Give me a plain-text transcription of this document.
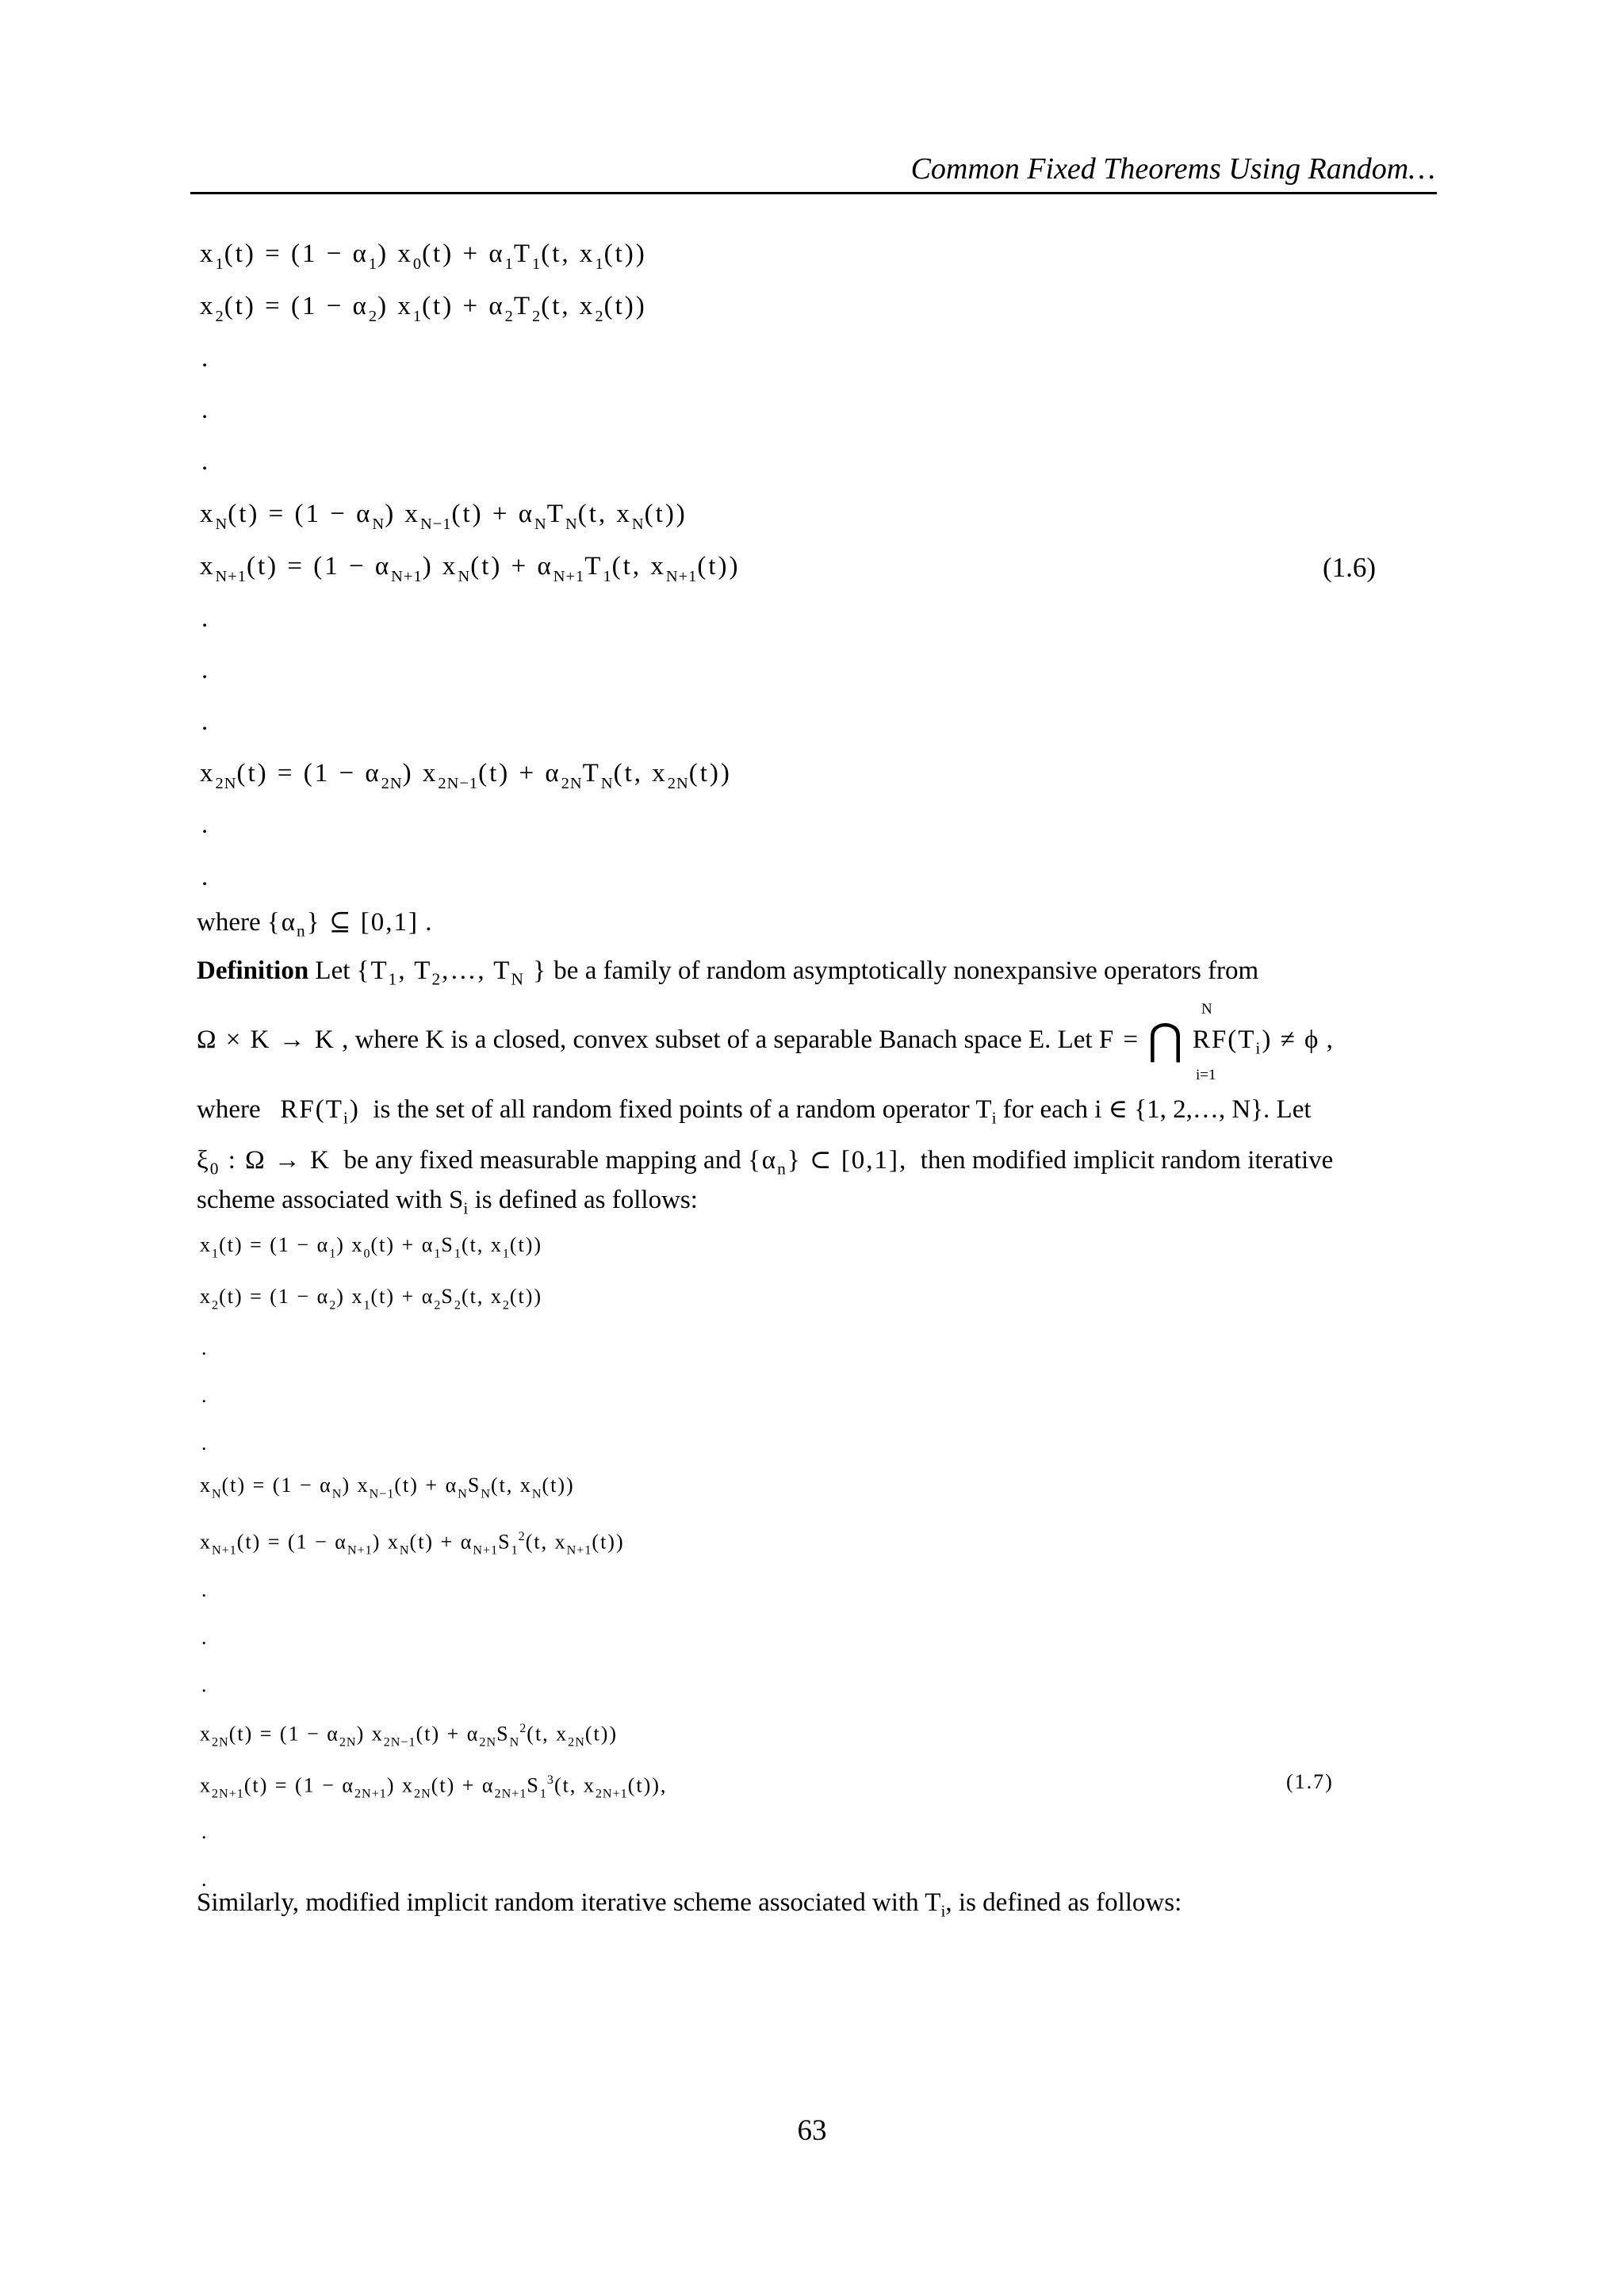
Common Fixed Theorems Using Random…
$x_1(t) = (1 - \alpha_1) x_0(t) + \alpha_1T_1(t$, $x_1(t)$)
$x_2(t) = (1 - \alpha_2) x_1(t) + \alpha_2T_2(t$, $x_2(t)$)
.
.
.
$x_N(t) = (1 - \alpha_N) x_{N-1}(t) + \alpha_NT_N(t$, $x_N(t)$)
$x_{N+1}(t) = (1 - \alpha_{N+1}) x_N(t) + \alpha_{N+1}T_1(t$, $x_{N+1}(t)$)	(1.6)
.
.
.
$x_{2N}(t) = (1 - \alpha_{2N}) x_{2N-1}(t) + \alpha_{2N}T_N(t$, $x_{2N}(t)$)
.
.
where $\{\alpha_n\}$ ⊆ [0,1] .
Definition Let {$T_1$, $T_2,\dots$, $T_N$ } be a family of random asymptotically nonexpansive operators from
N
Ω × K → K , where K is a closed, convex subset of a separable Banach space E. Let F = ⋂ $RF(T_i) \ne \phi$ ,
i=1
where   $RF(T_i)$  is the set of all random fixed points of a random operator $T_i$ for each i ∈ {1, 2,…, N}. Let
$\xi_0$ : Ω → K  be any fixed measurable mapping and $\{\alpha_n\}$ ⊂ [0,1],  then modified implicit random iterative
scheme associated with $S_i$ is defined as follows:
$x_1(t) = (1 - \alpha_1) x_0(t) + \alpha_1S_1(t$, $x_1(t)$)
$x_2(t) = (1 - \alpha_2) x_1(t) + \alpha_2S_2(t$, $x_2(t)$)
.
.
.
$x_N(t) = (1 - \alpha_N) x_{N-1}(t) + \alpha_NS_N(t$, $x_N(t)$)
$x_{N+1}(t) = (1 - \alpha_{N+1}) x_N(t) + \alpha_{N+1}S_1^2(t$, $x_{N+1}(t)$)
.
.
.
$x_{2N}(t) = (1 - \alpha_{2N}) x_{2N-1}(t) + \alpha_{2N}S_N^2(t$, $x_{2N}(t)$)
$x_{2N+1}(t) = (1 - \alpha_{2N+1}) x_{2N}(t) + \alpha_{2N+1}S_1^3(t$, $x_{2N+1}(t)$),	(1.7)
.
.
Similarly, modified implicit random iterative scheme associated with $T_i$, is defined as follows:
63
